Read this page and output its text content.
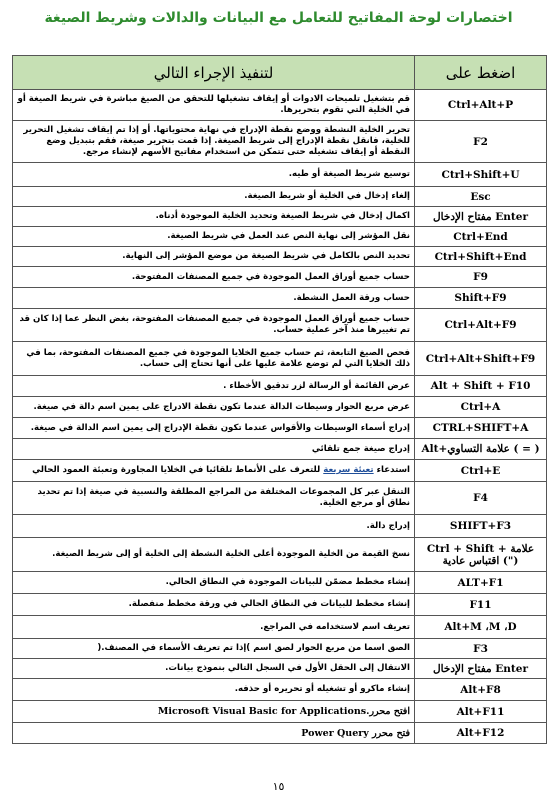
اختصارات لوحة المفاتيح للتعامل مع البيانات والدالات وشريط الصيغة
اضغط على	لتنفيذ الإجراء التالي
Ctrl+Alt+P	قم بتشغيل تلميحات الادوات أو إيقاف تشغيلها للتحقق من الصيغ مباشرة في شريط الصيغة أو في الخلية التي تقوم بتحريرها.
F2	تحرير الخلية النشطة ووضع نقطة الإدراج في نهاية محتوياتها. أو إذا تم إيقاف تشغيل التحرير للخلية، فانقل نقطة الإدراج إلى شريط الصيغة. إذا قمت بتحرير صيغة، فقم بتبديل وضع النقطة أو إيقاف تشغيله حتى تتمكن من استخدام مفاتيح الأسهم لإنشاء مرجع.
Ctrl+Shift+U	توسيع شريط الصيغة أو طيه.
Esc	إلغاء إدخال في الخلية أو شريط الصيغة.
Enter مفتاح الإدخال	اكمال إدخال في شريط الصيغة وتحديد الخلية الموجودة أدناه.
Ctrl+End	نقل المؤشر إلى نهاية النص عند العمل في شريط الصيغة.
Ctrl+Shift+End	تحديد النص بالكامل في شريط الصيغة من موضع المؤشر إلى النهاية.
F9	حساب جميع أوراق العمل الموجودة في جميع المصنفات المفتوحة.
Shift+F9	حساب ورقة العمل النشطة.
Ctrl+Alt+F9	حساب جميع أوراق العمل الموجودة في جميع المصنفات المفتوحة، بغض النظر عما إذا كان قد تم تغييرها منذ آخر عملية حساب.
Ctrl+Alt+Shift+F9	فحص الصيغ التابعة، ثم حساب جميع الخلايا الموجودة في جميع المصنفات المفتوحة، بما في ذلك الخلايا التي لم توضع علامة عليها على أنها تحتاج إلى حساب.
Alt + Shift + F10	عرض القائمة أو الرسالة لزر تدقيق الأخطاء .
Ctrl+A	عرض مربع الحوار وسيطات الدالة عندما تكون نقطة الادراج على يمين اسم دالة في صيغة.
CTRL+SHIFT+A	إدراج أسماء الوسيطات والأقواس عندما تكون نقطة الإدراج إلى يمين اسم الدالة في صيغة.
( = ) علامة التساوي+Alt	إدراج صيغة جمع تلقائي
Ctrl+E	استدعاء تعبئة سريعة للتعرف على الأنماط تلقائيا في الخلايا المجاورة وتعبئة العمود الحالي
F4	التنقل عبر كل المجموعات المختلفة من المراجع المطلقة والنسبية في صيغة إذا تم تحديد نطاق أو مرجع الخلية.
SHIFT+F3	إدراج دالة.
علامة + Ctrl + Shift (") اقتباس عادية	نسخ القيمة من الخلية الموجودة أعلى الخلية النشطة إلى الخلية أو إلى شريط الصيغة.
ALT+F1	إنشاء مخطط مضمّن للبيانات الموجودة في النطاق الحالي.
F11	إنشاء مخطط للبيانات في النطاق الحالي في ورقة مخطط منفصلة.
Alt+M ،M ،D	تعريف اسم لاستخدامه في المراجع.
F3	الصق اسما من مربع الحوار لصق اسم )إذا تم تعريف الأسماء في المصنف.(
Enter مفتاح الإدخال	الانتقال إلى الحقل الأول في السجل التالي بنموذج بيانات.
Alt+F8	إنشاء ماكرو أو تشغيله أو تحريره أو حذفه.
Alt+F11	افتح محرر.Microsoft Visual Basic for Applications
Alt+F12	فتح محرر Power Query
١٥
